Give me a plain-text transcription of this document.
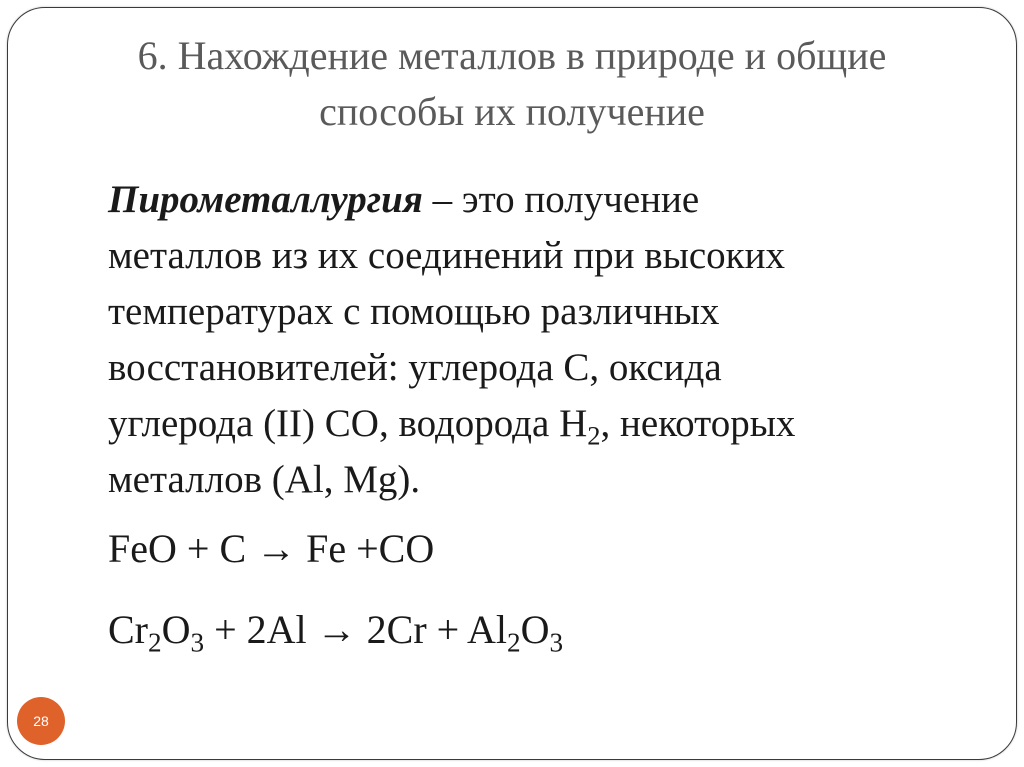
6. Нахождение металлов в природе и общие
способы их получение
Пирометаллургия – это получение
металлов из их соединений при высоких
температурах с помощью различных
восстановителей: углерода С, оксида
углерода (II) СО, водорода $Н_2$, некоторых
металлов (Al, Mg).
FeO + C → Fe +CO
$Cr_2O_3 + 2Al \to 2Cr + Al_2O_3$
28
